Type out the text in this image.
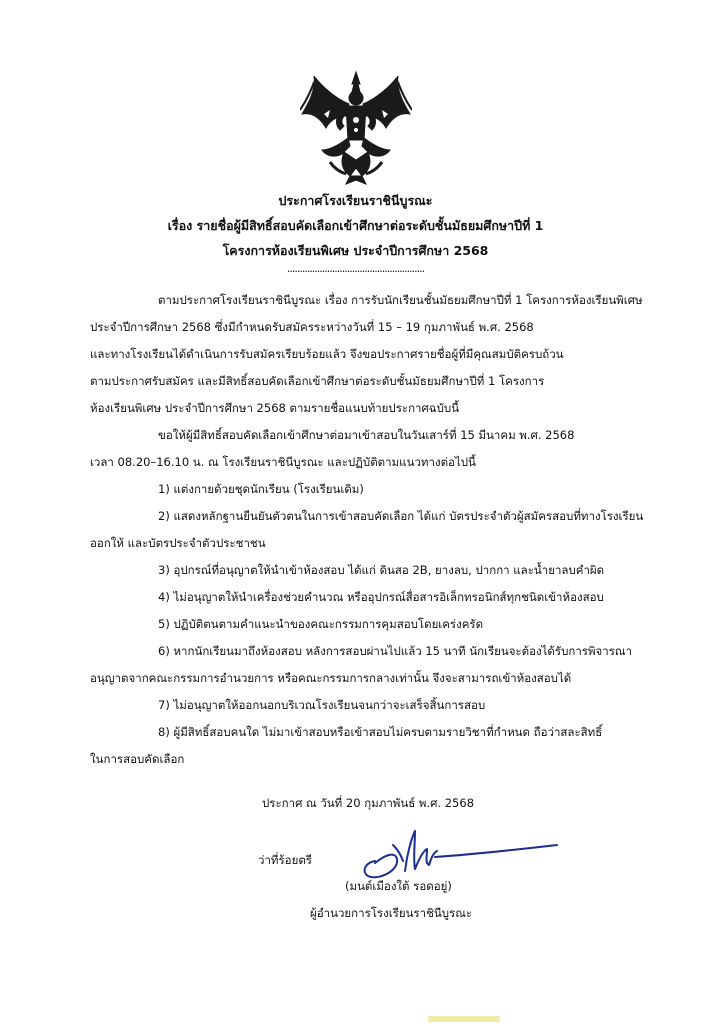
ประกาศโรงเรียนราชินีบูรณะ
เรื่อง รายชื่อผู้มีสิทธิ์สอบคัดเลือกเข้าศึกษาต่อระดับชั้นมัธยมศึกษาปีที่ 1
โครงการห้องเรียนพิเศษ ประจำปีการศึกษา 2568
.......................................................
ตามประกาศโรงเรียนราชินีบูรณะ เรื่อง การรับนักเรียนชั้นมัธยมศึกษาปีที่ 1 โครงการห้องเรียนพิเศษ
ประจำปีการศึกษา 2568 ซึ่งมีกำหนดรับสมัครระหว่างวันที่ 15 – 19 กุมภาพันธ์ พ.ศ. 2568
และทางโรงเรียนได้ดำเนินการรับสมัครเรียบร้อยแล้ว จึงขอประกาศรายชื่อผู้ที่มีคุณสมบัติครบถ้วน
ตามประกาศรับสมัคร และมีสิทธิ์สอบคัดเลือกเข้าศึกษาต่อระดับชั้นมัธยมศึกษาปีที่ 1 โครงการ
ห้องเรียนพิเศษ ประจำปีการศึกษา 2568 ตามรายชื่อแนบท้ายประกาศฉบับนี้
ขอให้ผู้มีสิทธิ์สอบคัดเลือกเข้าศึกษาต่อมาเข้าสอบในวันเสาร์ที่ 15 มีนาคม พ.ศ. 2568
เวลา 08.20–16.10 น. ณ โรงเรียนราชินีบูรณะ และปฏิบัติตามแนวทางต่อไปนี้
1) แต่งกายด้วยชุดนักเรียน (โรงเรียนเดิม)
2) แสดงหลักฐานยืนยันตัวตนในการเข้าสอบคัดเลือก ได้แก่ บัตรประจำตัวผู้สมัครสอบที่ทางโรงเรียน
ออกให้ และบัตรประจำตัวประชาชน
3) อุปกรณ์ที่อนุญาตให้นำเข้าห้องสอบ ได้แก่ ดินสอ 2B, ยางลบ, ปากกา และน้ำยาลบคำผิด
4) ไม่อนุญาตให้นำเครื่องช่วยคำนวณ หรืออุปกรณ์สื่อสารอิเล็กทรอนิกส์ทุกชนิดเข้าห้องสอบ
5) ปฏิบัติตนตามคำแนะนำของคณะกรรมการคุมสอบโดยเคร่งครัด
6) หากนักเรียนมาถึงห้องสอบ หลังการสอบผ่านไปแล้ว 15 นาที นักเรียนจะต้องได้รับการพิจารณา
อนุญาตจากคณะกรรมการอำนวยการ หรือคณะกรรมการกลางเท่านั้น จึงจะสามารถเข้าห้องสอบได้
7) ไม่อนุญาตให้ออกนอกบริเวณโรงเรียนจนกว่าจะเสร็จสิ้นการสอบ
8) ผู้มีสิทธิ์สอบคนใด ไม่มาเข้าสอบหรือเข้าสอบไม่ครบตามรายวิชาที่กำหนด ถือว่าสละสิทธิ์
ในการสอบคัดเลือก
ประกาศ ณ วันที่ 20 กุมภาพันธ์ พ.ศ. 2568
ว่าที่ร้อยตรี
(มนต์เมืองใต้ รอดอยู่)
ผู้อำนวยการโรงเรียนราชินีบูรณะ
